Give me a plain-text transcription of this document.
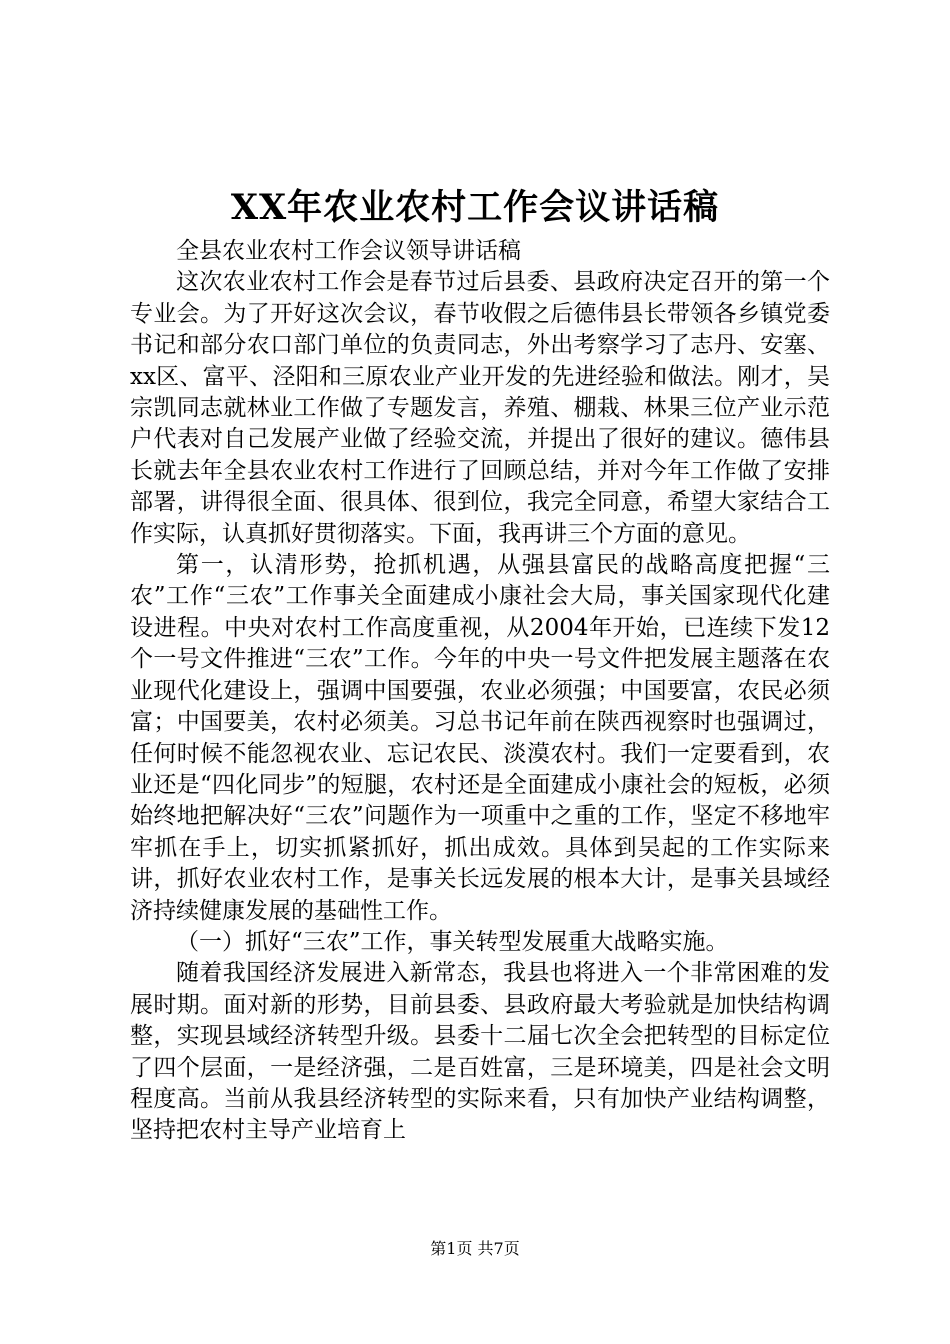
XX年农业农村工作会议讲话稿

全县农业农村工作会议领导讲话稿

这次农业农村工作会是春节过后县委、县政府决定召开的第一个专业会。为了开好这次会议，春节收假之后德伟县长带领各乡镇党委书记和部分农口部门单位的负责同志，外出考察学习了志丹、安塞、xx区、富平、泾阳和三原农业产业开发的先进经验和做法。刚才，吴宗凯同志就林业工作做了专题发言，养殖、棚栽、林果三位产业示范户代表对自己发展产业做了经验交流，并提出了很好的建议。德伟县长就去年全县农业农村工作进行了回顾总结，并对今年工作做了安排部署，讲得很全面、很具体、很到位，我完全同意，希望大家结合工作实际，认真抓好贯彻落实。下面，我再讲三个方面的意见。

第一，认清形势，抢抓机遇，从强县富民的战略高度把握“三农”工作“三农”工作事关全面建成小康社会大局，事关国家现代化建设进程。中央对农村工作高度重视，从2004年开始，已连续下发12个一号文件推进“三农”工作。今年的中央一号文件把发展主题落在农业现代化建设上，强调中国要强，农业必须强；中国要富，农民必须富；中国要美，农村必须美。习总书记年前在陕西视察时也强调过，任何时候不能忽视农业、忘记农民、淡漠农村。我们一定要看到，农业还是“四化同步”的短腿，农村还是全面建成小康社会的短板，必须始终地把解决好“三农”问题作为一项重中之重的工作，坚定不移地牢牢抓在手上，切实抓紧抓好，抓出成效。具体到吴起的工作实际来讲，抓好农业农村工作，是事关长远发展的根本大计，是事关县域经济持续健康发展的基础性工作。

（一）抓好“三农”工作，事关转型发展重大战略实施。

随着我国经济发展进入新常态，我县也将进入一个非常困难的发展时期。面对新的形势，目前县委、县政府最大考验就是加快结构调整，实现县域经济转型升级。县委十二届七次全会把转型的目标定位了四个层面，一是经济强，二是百姓富，三是环境美，四是社会文明程度高。当前从我县经济转型的实际来看，只有加快产业结构调整，坚持把农村主导产业培育上

第1页 共7页
